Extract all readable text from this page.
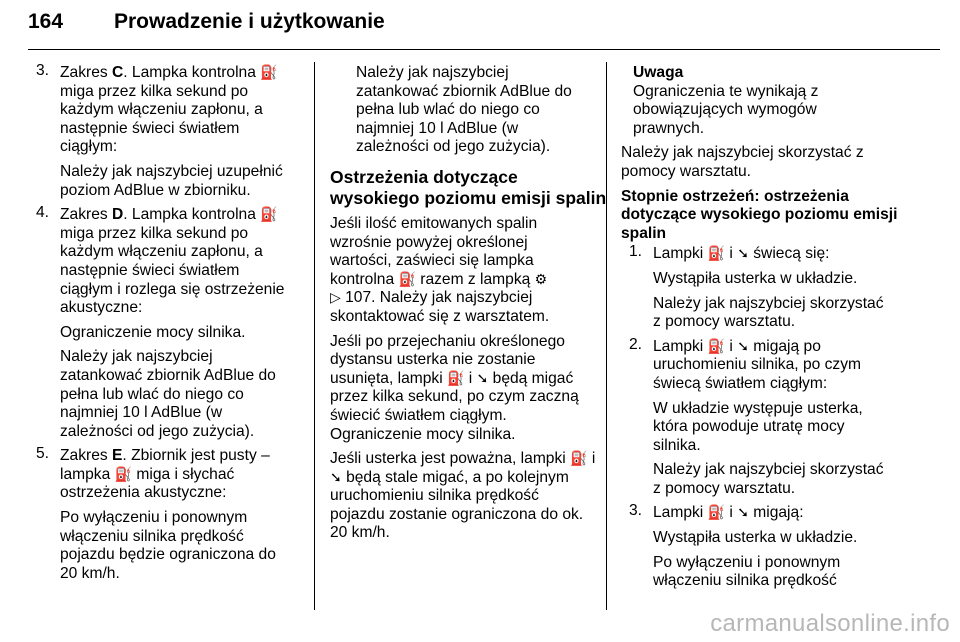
164 Prowadzenie i użytkowanie
3. Zakres C. Lampka kontrolna ⛽
miga przez kilka sekund po
każdym włączeniu zapłonu, a
następnie świeci światłem
ciągłym:
Należy jak najszybciej uzupełnić
poziom AdBlue w zbiorniku.
4. Zakres D. Lampka kontrolna ⛽
miga przez kilka sekund po
każdym włączeniu zapłonu, a
następnie świeci światłem
ciągłym i rozlega się ostrzeżenie
akustyczne:
Ograniczenie mocy silnika.
Należy jak najszybciej
zatankować zbiornik AdBlue do
pełna lub wlać do niego co
najmniej 10 l AdBlue (w
zależności od jego zużycia).
5. Zakres E. Zbiornik jest pusty –
lampka ⛽ miga i słychać
ostrzeżenia akustyczne:
Po wyłączeniu i ponownym
włączeniu silnika prędkość
pojazdu będzie ograniczona do
20 km/h.
Należy jak najszybciej
zatankować zbiornik AdBlue do
pełna lub wlać do niego co
najmniej 10 l AdBlue (w
zależności od jego zużycia).
Ostrzeżenia dotyczące
wysokiego poziomu emisji spalin
Jeśli ilość emitowanych spalin
wzrośnie powyżej określonej
wartości, zaświeci się lampka
kontrolna ⛽ razem z lampką ⚙
▷ 107. Należy jak najszybciej
skontaktować się z warsztatem.
Jeśli po przejechaniu określonego
dystansu usterka nie zostanie
usunięta, lampki ⛽ i ➘ będą migać
przez kilka sekund, po czym zaczną
świecić światłem ciągłym.
Ograniczenie mocy silnika.
Jeśli usterka jest poważna, lampki ⛽ i
➘ będą stale migać, a po kolejnym
uruchomieniu silnika prędkość
pojazdu zostanie ograniczona do ok.
20 km/h.
Uwaga
Ograniczenia te wynikają z
obowiązujących wymogów
prawnych.
Należy jak najszybciej skorzystać z
pomocy warsztatu.
Stopnie ostrzeżeń: ostrzeżenia
dotyczące wysokiego poziomu emisji
spalin
1. Lampki ⛽ i ➘ świecą się:
Wystąpiła usterka w układzie.
Należy jak najszybciej skorzystać
z pomocy warsztatu.
2. Lampki ⛽ i ➘ migają po
uruchomieniu silnika, po czym
świecą światłem ciągłym:
W układzie występuje usterka,
która powoduje utratę mocy
silnika.
Należy jak najszybciej skorzystać
z pomocy warsztatu.
3. Lampki ⛽ i ➘ migają:
Wystąpiła usterka w układzie.
Po wyłączeniu i ponownym
włączeniu silnika prędkość
carmanualsonline.info
